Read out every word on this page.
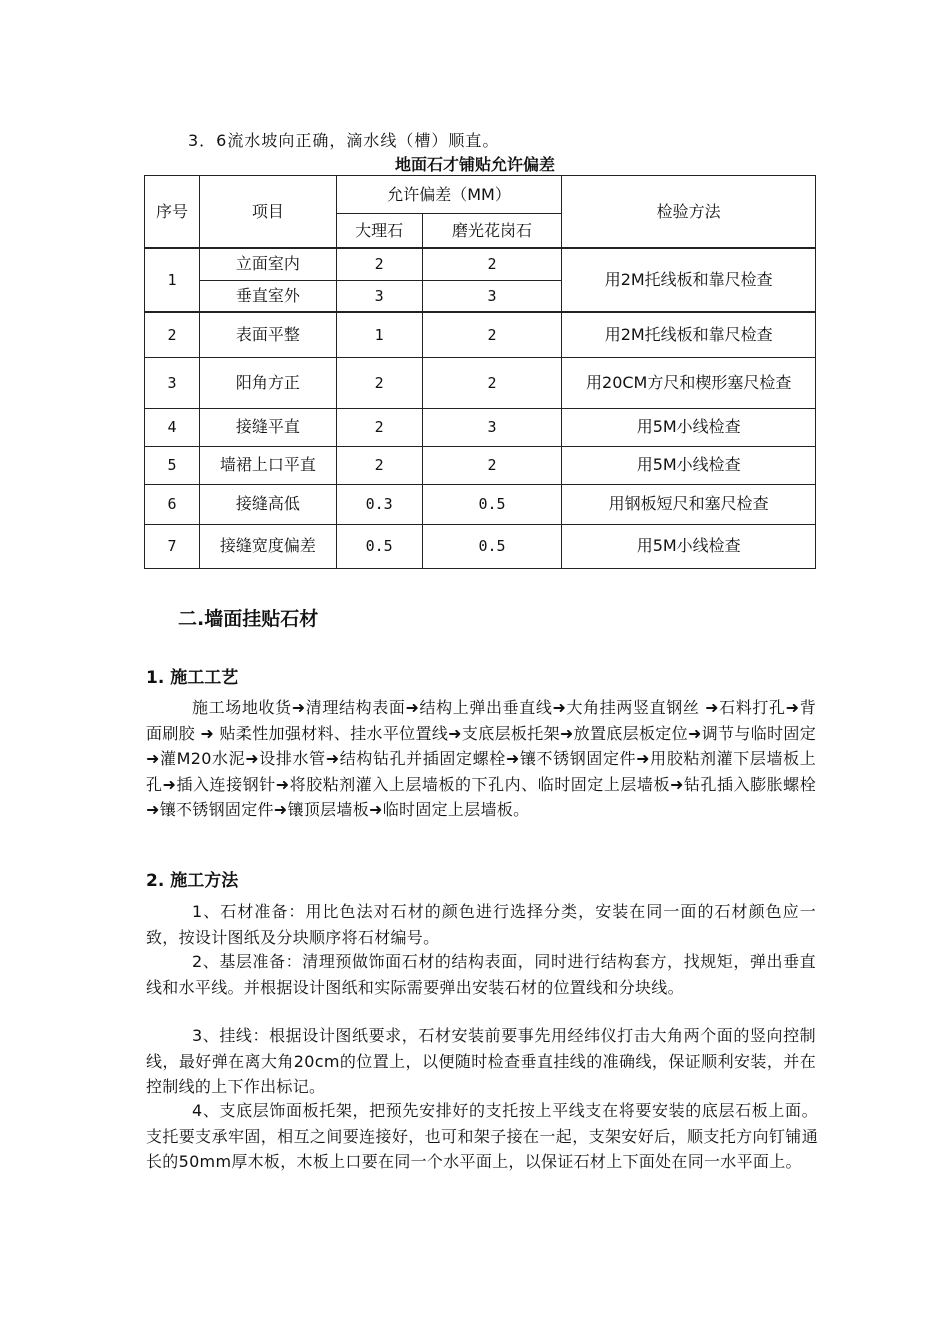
3．6流水坡向正确，滴水线（槽）顺直。
地面石才铺贴允许偏差
序号	项目	允许偏差（MM）		检验方法
		大理石	磨光花岗石	
1	立面室内	2	2	用2M托线板和靠尺检查
	垂直室外	3	3	
2	表面平整	1	2	用2M托线板和靠尺检查
3	阳角方正	2	2	用20CM方尺和楔形塞尺检查
4	接缝平直	2	3	用5M小线检查
5	墙裙上口平直	2	2	用5M小线检查
6	接缝高低	0.3	0.5	用钢板短尺和塞尺检查
7	接缝宽度偏差	0.5	0.5	用5M小线检查
二.墙面挂贴石材
1. 施工工艺
施工场地收货➜清理结构表面➜结构上弹出垂直线➜大角挂两竖直钢丝 ➜石料打孔➜背面刷胶 ➜ 贴柔性加强材料、挂水平位置线➜支底层板托架➜放置底层板定位➜调节与临时固定➜灌M20水泥➜设排水管➜结构钻孔并插固定螺栓➜镶不锈钢固定件➜用胶粘剂灌下层墙板上孔➜插入连接钢针➜将胶粘剂灌入上层墙板的下孔内、临时固定上层墙板➜钻孔插入膨胀螺栓➜镶不锈钢固定件➜镶顶层墙板➜临时固定上层墙板。
2. 施工方法
1、石材准备：用比色法对石材的颜色进行选择分类，安装在同一面的石材颜色应一致，按设计图纸及分块顺序将石材编号。
2、基层准备：清理预做饰面石材的结构表面，同时进行结构套方，找规矩，弹出垂直线和水平线。并根据设计图纸和实际需要弹出安装石材的位置线和分块线。
3、挂线：根据设计图纸要求，石材安装前要事先用经纬仪打击大角两个面的竖向控制线，最好弹在离大角20cm的位置上，以便随时检查垂直挂线的准确线，保证顺利安装，并在控制线的上下作出标记。
4、支底层饰面板托架，把预先安排好的支托按上平线支在将要安装的底层石板上面。支托要支承牢固，相互之间要连接好，也可和架子接在一起，支架安好后，顺支托方向钉铺通长的50mm厚木板，木板上口要在同一个水平面上，以保证石材上下面处在同一水平面上。
